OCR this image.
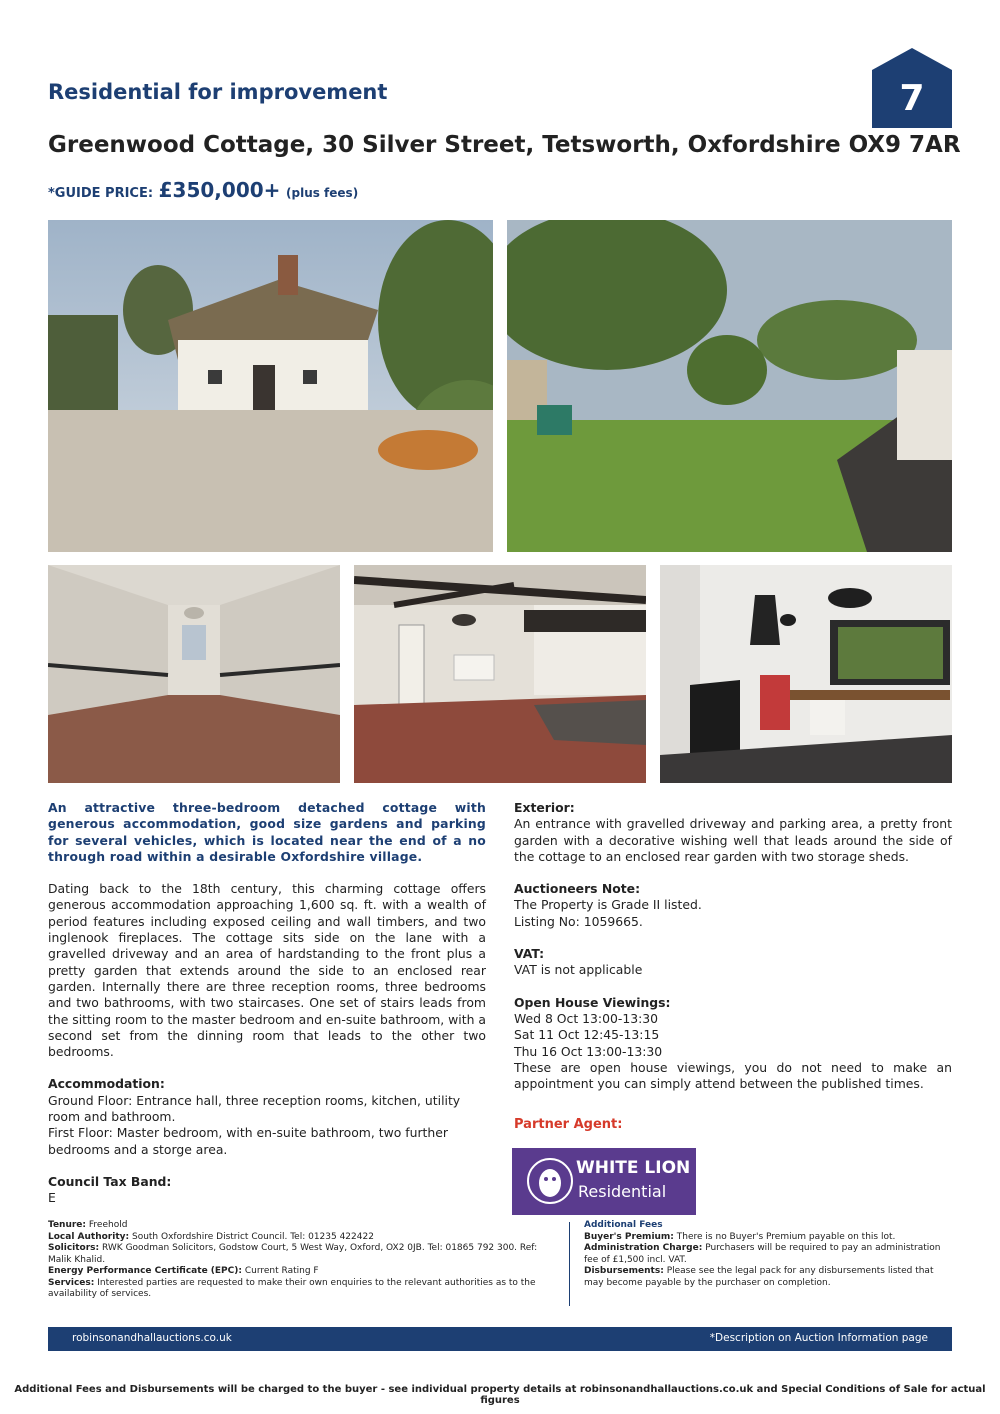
Residential for improvement	7
Greenwood Cottage, 30 Silver Street, Tetsworth, Oxfordshire OX9 7AR
*GUIDE PRICE: £350,000+ (plus fees)
An attractive three-bedroom detached cottage with generous accommodation, good size gardens and parking for several vehicles, which is located near the end of a no through road within a desirable Oxfordshire village.
Dating back to the 18th century, this charming cottage offers generous accommodation approaching 1,600 sq. ft. with a wealth of period features including exposed ceiling and wall timbers, and two inglenook fireplaces. The cottage sits side on the lane with a gravelled driveway and an area of hardstanding to the front plus a pretty garden that extends around the side to an enclosed rear garden. Internally there are three reception rooms, three bedrooms and two bathrooms, with two staircases. One set of stairs leads from the sitting room to the master bedroom and en-suite bathroom, with a second set from the dinning room that leads to the other two bedrooms.
Accommodation:
Ground Floor: Entrance hall, three reception rooms, kitchen, utility room and bathroom.
First Floor: Master bedroom, with en-suite bathroom, two further bedrooms and a storge area.
Council Tax Band:
E
Exterior:
An entrance with gravelled driveway and parking area, a pretty front garden with a decorative wishing well that leads around the side of the cottage to an enclosed rear garden with two storage sheds.
Auctioneers Note:
The Property is Grade II listed.
Listing No: 1059665.
VAT:
VAT is not applicable
Open House Viewings:
Wed 8 Oct 13:00-13:30
Sat 11 Oct 12:45-13:15
Thu 16 Oct 13:00-13:30
These are open house viewings, you do not need to make an appointment you can simply attend between the published times.
Partner Agent:
WHITE LION
Residential
Tenure: Freehold
Local Authority: South Oxfordshire District Council. Tel: 01235 422422
Solicitors: RWK Goodman Solicitors, Godstow Court, 5 West Way, Oxford, OX2 0JB. Tel: 01865 792 300. Ref: Malik Khalid.
Energy Performance Certificate (EPC): Current Rating F
Services: Interested parties are requested to make their own enquiries to the relevant authorities as to the availability of services.
Additional Fees
Buyer's Premium: There is no Buyer's Premium payable on this lot.
Administration Charge: Purchasers will be required to pay an administration fee of £1,500 incl. VAT.
Disbursements: Please see the legal pack for any disbursements listed that may become payable by the purchaser on completion.
robinsonandhallauctions.co.uk	*Description on Auction Information page
Additional Fees and Disbursements will be charged to the buyer - see individual property details at robinsonandhallauctions.co.uk and Special Conditions of Sale for actual figures
